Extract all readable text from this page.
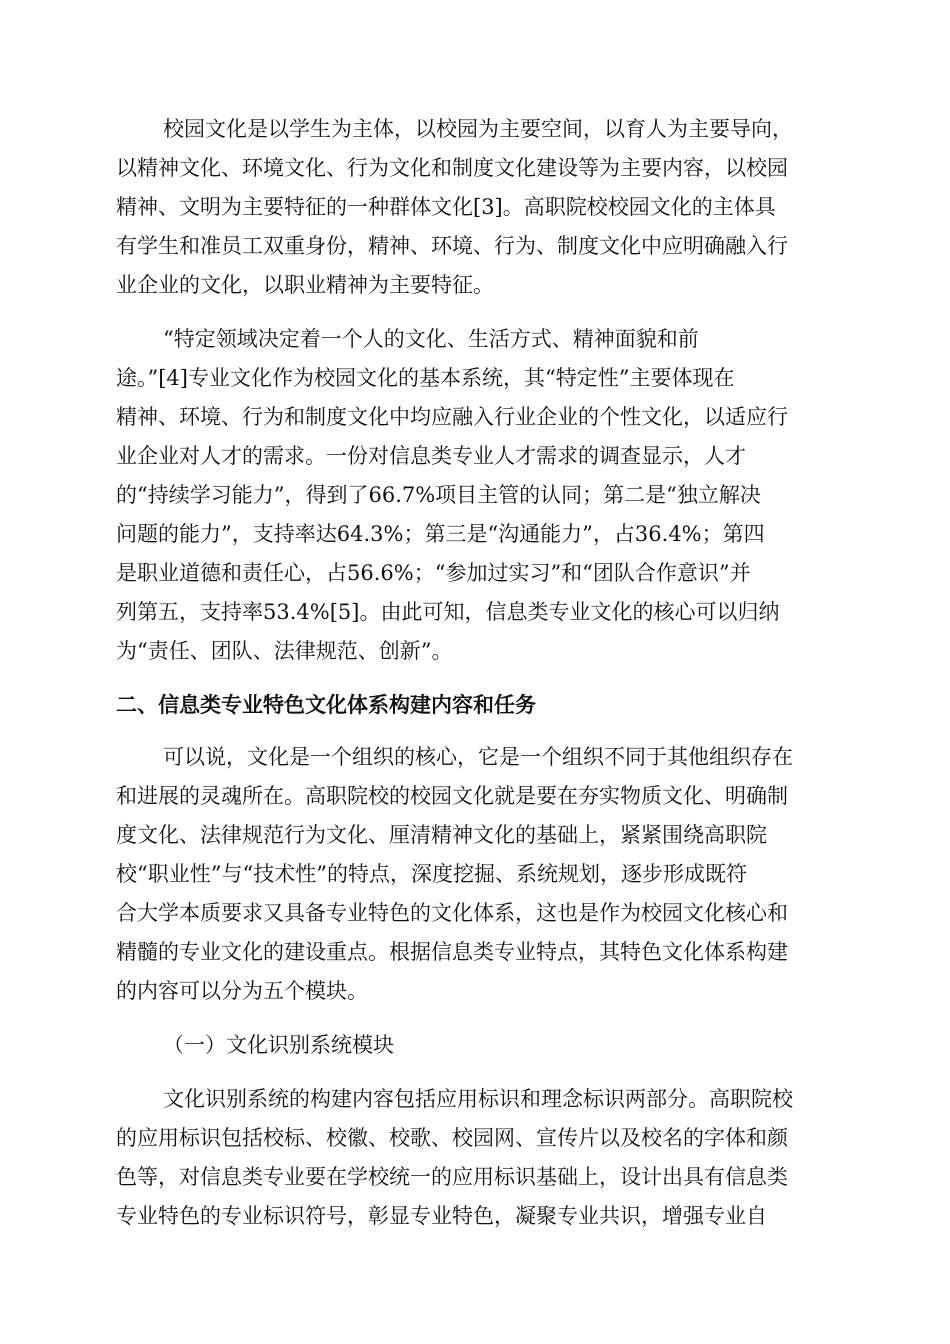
校园文化是以学生为主体，以校园为主要空间，以育人为主要导向，
以精神文化、环境文化、行为文化和制度文化建设等为主要内容，以校园
精神、文明为主要特征的一种群体文化[3]。高职院校校园文化的主体具
有学生和准员工双重身份，精神、环境、行为、制度文化中应明确融入行
业企业的文化，以职业精神为主要特征。
“特定领域决定着一个人的文化、生活方式、精神面貌和前
途。”[4]专业文化作为校园文化的基本系统，其“特定性”主要体现在
精神、环境、行为和制度文化中均应融入行业企业的个性文化，以适应行
业企业对人才的需求。一份对信息类专业人才需求的调查显示，人才
的“持续学习能力”，得到了66.7%项目主管的认同；第二是“独立解决
问题的能力”，支持率达64.3%；第三是“沟通能力”，占36.4%；第四
是职业道德和责任心，占56.6%；“参加过实习”和“团队合作意识”并
列第五，支持率53.4%[5]。由此可知，信息类专业文化的核心可以归纳
为“责任、团队、法律规范、创新”。
二、信息类专业特色文化体系构建内容和任务
可以说，文化是一个组织的核心，它是一个组织不同于其他组织存在
和进展的灵魂所在。高职院校的校园文化就是要在夯实物质文化、明确制
度文化、法律规范行为文化、厘清精神文化的基础上，紧紧围绕高职院
校“职业性”与“技术性”的特点，深度挖掘、系统规划，逐步形成既符
合大学本质要求又具备专业特色的文化体系，这也是作为校园文化核心和
精髓的专业文化的建设重点。根据信息类专业特点，其特色文化体系构建
的内容可以分为五个模块。
（一）文化识别系统模块
文化识别系统的构建内容包括应用标识和理念标识两部分。高职院校
的应用标识包括校标、校徽、校歌、校园网、宣传片以及校名的字体和颜
色等，对信息类专业要在学校统一的应用标识基础上，设计出具有信息类
专业特色的专业标识符号，彰显专业特色，凝聚专业共识，增强专业自
